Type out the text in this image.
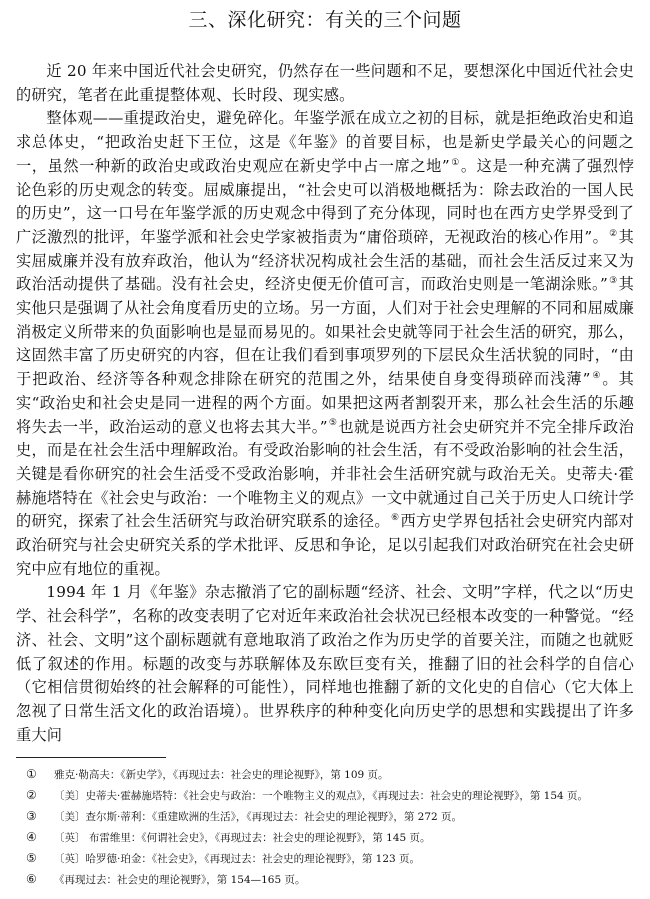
三、深化研究：有关的三个问题

近 20 年来中国近代社会史研究，仍然存在一些问题和不足，要想深化中国近代社会史的研究，笔者在此重提整体观、长时段、现实感。

整体观——重提政治史，避免碎化。年鉴学派在成立之初的目标，就是拒绝政治史和追求总体史，“把政治史赶下王位，这是《年鉴》的首要目标，也是新史学最关心的问题之一，虽然一种新的政治史或政治史观应在新史学中占一席之地”①。这是一种充满了强烈悖论色彩的历史观念的转变。屈威廉提出，“社会史可以消极地概括为：除去政治的一国人民的历史”，这一口号在年鉴学派的历史观念中得到了充分体现，同时也在西方史学界受到了广泛激烈的批评，年鉴学派和社会史学家被指责为“庸俗琐碎，无视政治的核心作用”。②其实屈威廉并没有放弃政治，他认为“经济状况构成社会生活的基础，而社会生活反过来又为政治活动提供了基础。没有社会史，经济史便无价值可言，而政治史则是一笔湖涂账。”③其实他只是强调了从社会角度看历史的立场。另一方面，人们对于社会史理解的不同和屈威廉消极定义所带来的负面影响也是显而易见的。如果社会史就等同于社会生活的研究，那么，这固然丰富了历史研究的内容，但在让我们看到事项罗列的下层民众生活状貌的同时，“由于把政治、经济等各种观念排除在研究的范围之外，结果使自身变得琐碎而浅薄”④。其实“政治史和社会史是同一进程的两个方面。如果把这两者割裂开来，那么社会生活的乐趣将失去一半，政治运动的意义也将去其大半。”⑤也就是说西方社会史研究并不完全排斥政治史，而是在社会生活中理解政治。有受政治影响的社会生活，有不受政治影响的社会生活，关键是看你研究的社会生活受不受政治影响，并非社会生活研究就与政治无关。史蒂夫·霍赫施塔特在《社会史与政治：一个唯物主义的观点》一文中就通过自己关于历史人口统计学的研究，探索了社会生活研究与政治研究联系的途径。⑥西方史学界包括社会史研究内部对政治研究与社会史研究关系的学术批评、反思和争论，足以引起我们对政治研究在社会史研究中应有地位的重视。

1994 年 1 月《年鉴》杂志撤消了它的副标题“经济、社会、文明”字样，代之以“历史学、社会科学”，名称的改变表明了它对近年来政治社会状况已经根本改变的一种警觉。“经济、社会、文明”这个副标题就有意地取消了政治之作为历史学的首要关注，而随之也就贬低了叙述的作用。标题的改变与苏联解体及东欧巨变有关，推翻了旧的社会科学的自信心（它相信贯彻始终的社会解释的可能性），同样地也推翻了新的文化史的自信心（它大体上忽视了日常生活文化的政治语境）。世界秩序的种种变化向历史学的思想和实践提出了许多重大问

①	雅克·勒高夫：《新史学》，《再现过去：社会史的理论视野》，第 109 页。
②	〔美〕史蒂夫·霍赫施塔特：《社会史与政治：一个唯物主义的观点》，《再现过去：社会史的理论视野》，第 154 页。
③	〔美〕查尔斯·蒂利：《重建欧洲的生活》，《再现过去：社会史的理论视野》，第 272 页。
④	〔英〕 布雷维里：《何谓社会史》，《再现过去：社会史的理论视野》，第 145 页。
⑤	〔英〕哈罗德·珀金：《社会史》，《再现过去：社会史的理论视野》，第 123 页。
⑥	《再现过去：社会史的理论视野》，第 154—165 页。
